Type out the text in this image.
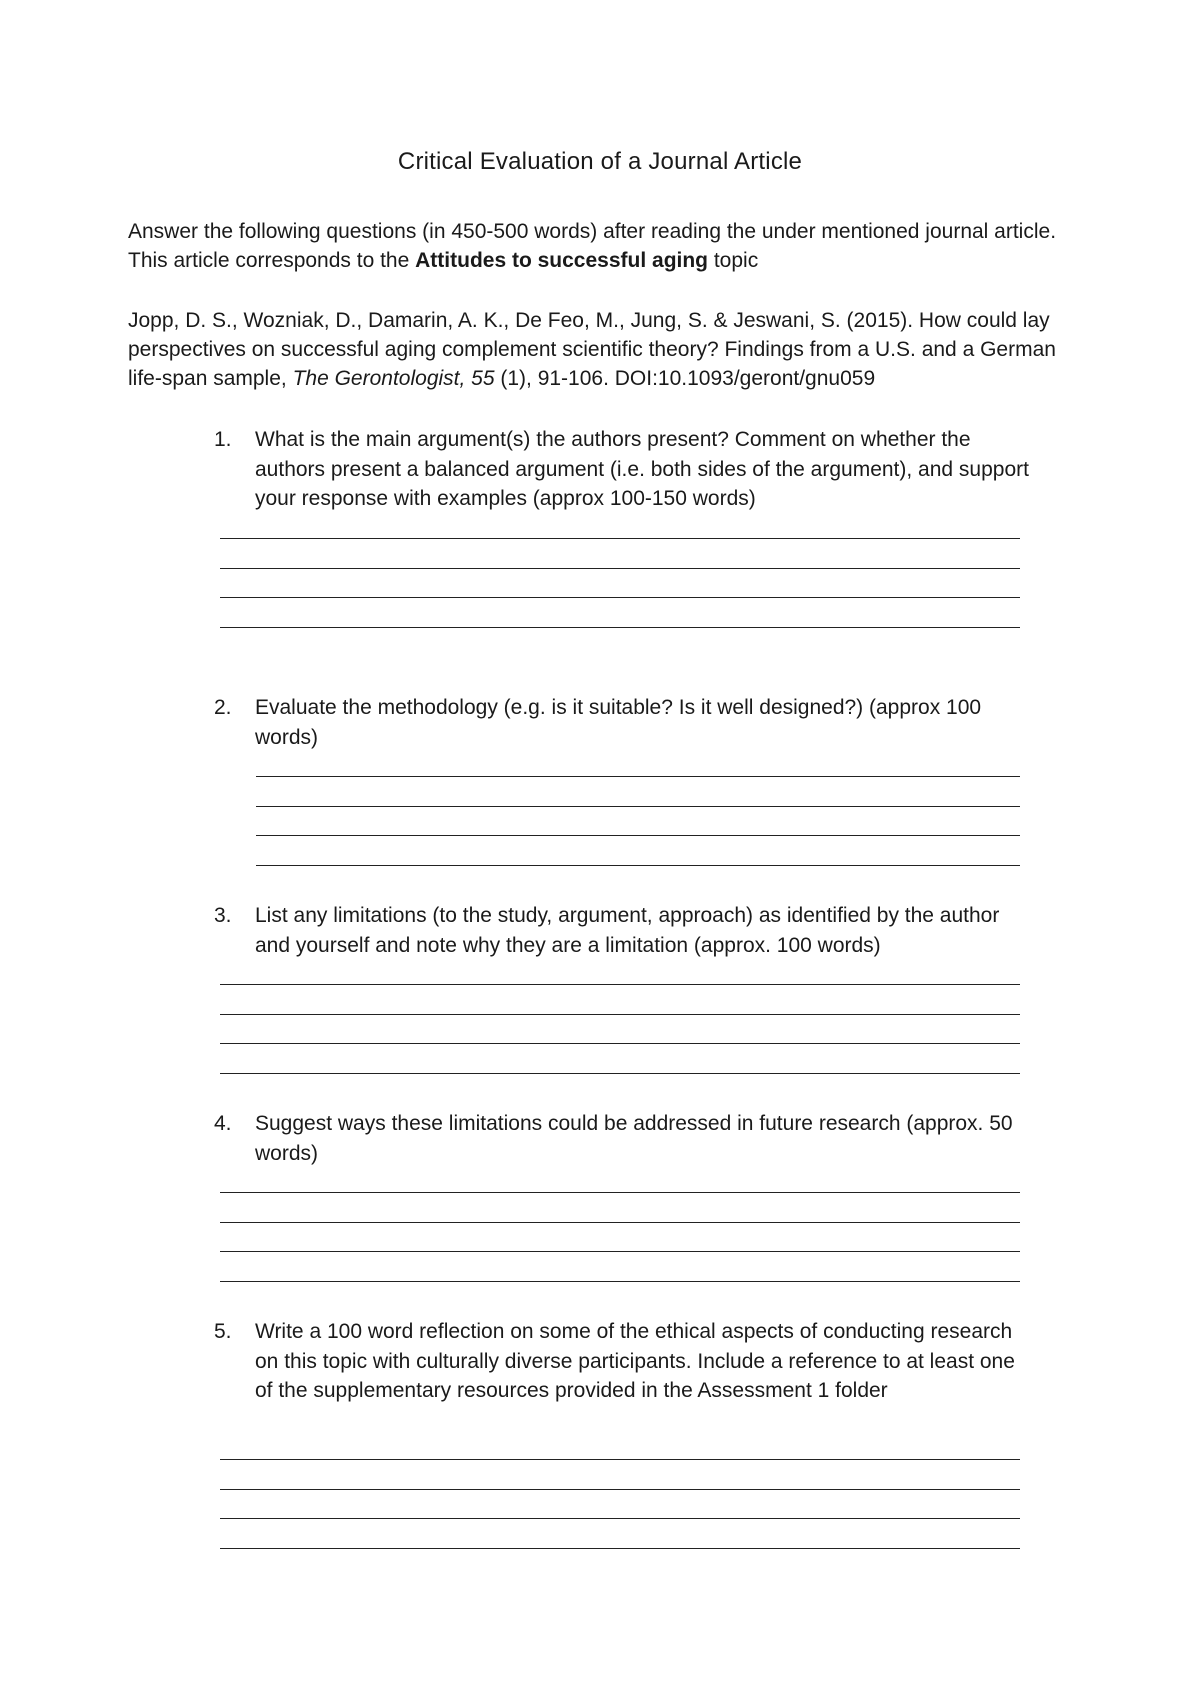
Critical Evaluation of a Journal Article
Answer the following questions (in 450-500 words) after reading the under mentioned journal article. This article corresponds to the Attitudes to successful aging topic
Jopp, D. S., Wozniak, D., Damarin, A. K., De Feo, M., Jung, S. & Jeswani, S. (2015). How could lay perspectives on successful aging complement scientific theory? Findings from a U.S. and a German life-span sample, The Gerontologist, 55 (1), 91-106. DOI:10.1093/geront/gnu059
1.	What is the main argument(s) the authors present? Comment on whether the authors present a balanced argument (i.e. both sides of the argument), and support your response with examples (approx 100-150 words)
2.	Evaluate the methodology (e.g. is it suitable? Is it well designed?) (approx 100 words)
3.	List any limitations (to the study, argument, approach) as identified by the author and yourself and note why they are a limitation (approx. 100 words)
4.	Suggest ways these limitations could be addressed in future research (approx. 50 words)
5.	Write a 100 word reflection on some of the ethical aspects of conducting research on this topic with culturally diverse participants. Include a reference to at least one of the supplementary resources provided in the Assessment 1 folder
